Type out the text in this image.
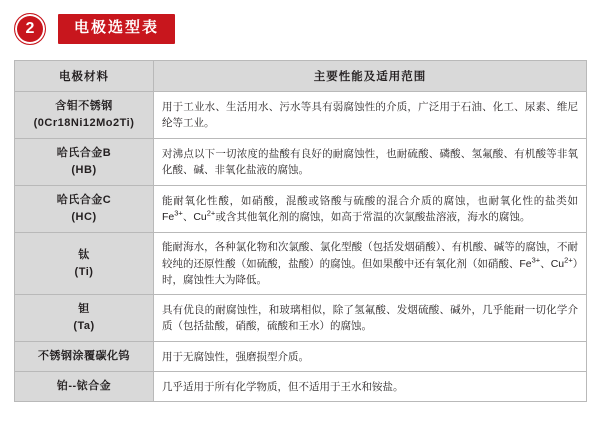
2	电极选型表
电极材料	主要性能及适用范围

含钼不锈钢
(0Cr18Ni12Mo2Ti)	用于工业水、生活用水、污水等具有弱腐蚀性的介质，广泛用于石油、化工、尿素、维尼纶等工业。

哈氏合金B
(HB)	对沸点以下一切浓度的盐酸有良好的耐腐蚀性，也耐硫酸、磷酸、氢氟酸、有机酸等非氧化酸、碱、非氧化盐液的腐蚀。

哈氏合金C
(HC)	能耐氧化性酸，如硝酸，混酸或铬酸与硫酸的混合介质的腐蚀，也耐氧化性的盐类如$Fe^{3+}$、$Cu^{2+}$或含其他氧化剂的腐蚀，如高于常温的次氯酸盐溶液，海水的腐蚀。

钛
(Ti)	能耐海水，各种氯化物和次氯酸、氯化型酸（包括发烟硝酸）、有机酸、碱等的腐蚀，不耐较纯的还原性酸（如硫酸，盐酸）的腐蚀。但如果酸中还有氧化剂（如硝酸、$Fe^{3+}$、$Cu^{2+}$）时，腐蚀性大为降低。

钽
(Ta)	具有优良的耐腐蚀性，和玻璃相似，除了氢氟酸、发烟硫酸、碱外，几乎能耐一切化学介质（包括盐酸，硝酸，硫酸和王水）的腐蚀。

不锈钢涂覆碳化钨	用于无腐蚀性，强磨损型介质。

铂--铱合金	几乎适用于所有化学物质，但不适用于王水和铵盐。
